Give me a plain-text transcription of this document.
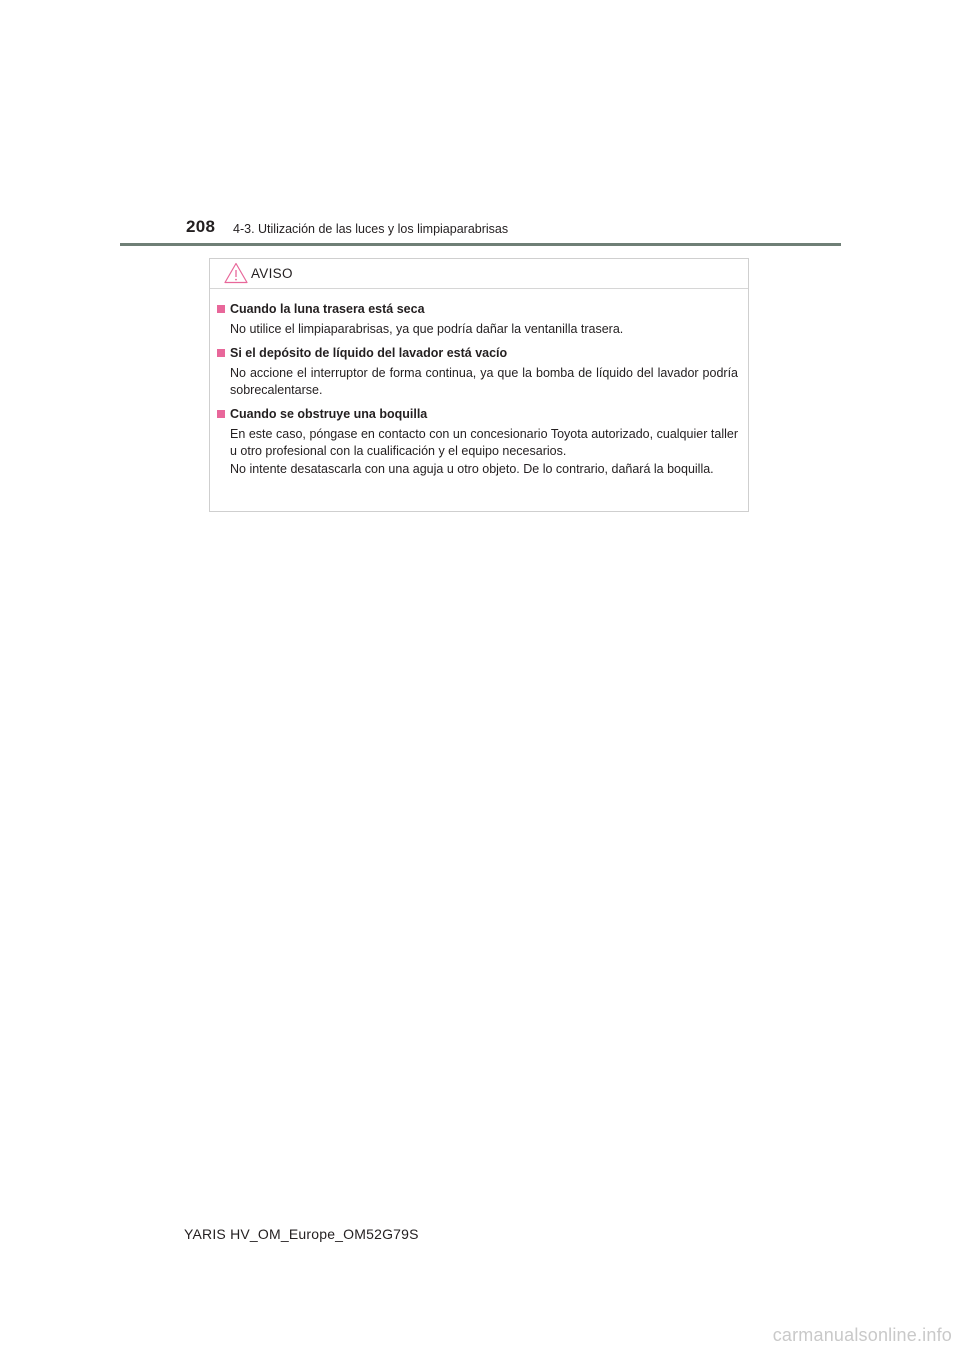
208 4-3. Utilización de las luces y los limpiaparabrisas
AVISO
Cuando la luna trasera está seca

No utilice el limpiaparabrisas, ya que podría dañar la ventanilla trasera.

Si el depósito de líquido del lavador está vacío

No accione el interruptor de forma continua, ya que la bomba de líquido del lavador podría sobrecalentarse.

Cuando se obstruye una boquilla

En este caso, póngase en contacto con un concesionario Toyota autorizado, cualquier taller u otro profesional con la cualificación y el equipo necesarios.

No intente desatascarla con una aguja u otro objeto. De lo contrario, dañará la boquilla.

YARIS HV_OM_Europe_OM52G79S
carmanualsonline.info
